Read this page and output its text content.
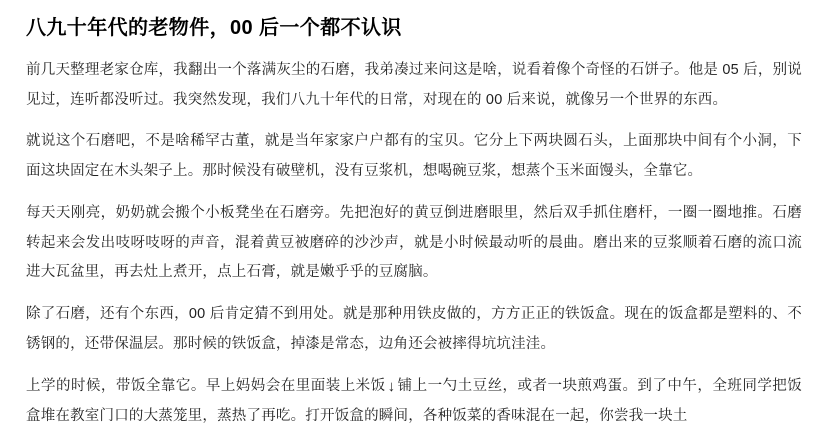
八九十年代的老物件，00 后一个都不认识

前几天整理老家仓库，我翻出一个落满灰尘的石磨，我弟凑过来问这是啥，说看着像个奇怪的石饼子。他是 05 后，别说见过，连听都没听过。我突然发现，我们八九十年代的日常，对现在的 00 后来说，就像另一个世界的东西。

就说这个石磨吧，不是啥稀罕古董，就是当年家家户户都有的宝贝。它分上下两块圆石头，上面那块中间有个小洞，下面这块固定在木头架子上。那时候没有破壁机，没有豆浆机，想喝碗豆浆，想蒸个玉米面馒头，全靠它。

每天天刚亮，奶奶就会搬个小板凳坐在石磨旁。先把泡好的黄豆倒进磨眼里，然后双手抓住磨杆，一圈一圈地推。石磨转起来会发出吱呀吱呀的声音，混着黄豆被磨碎的沙沙声，就是小时候最动听的晨曲。磨出来的豆浆顺着石磨的流口流进大瓦盆里，再去灶上煮开，点上石膏，就是嫩乎乎的豆腐脑。

除了石磨，还有个东西，00 后肯定猜不到用处。就是那种用铁皮做的，方方正正的铁饭盒。现在的饭盒都是塑料的、不锈钢的，还带保温层。那时候的铁饭盒，掉漆是常态，边角还会被摔得坑坑洼洼。

上学的时候，带饭全靠它。早上妈妈会在里面装上米饭 ↓ 铺上一勺土豆丝，或者一块煎鸡蛋。到了中午，全班同学把饭盒堆在教室门口的大蒸笼里，蒸热了再吃。打开饭盒的瞬间，各种饭菜的香味混在一起，你尝我一块土
